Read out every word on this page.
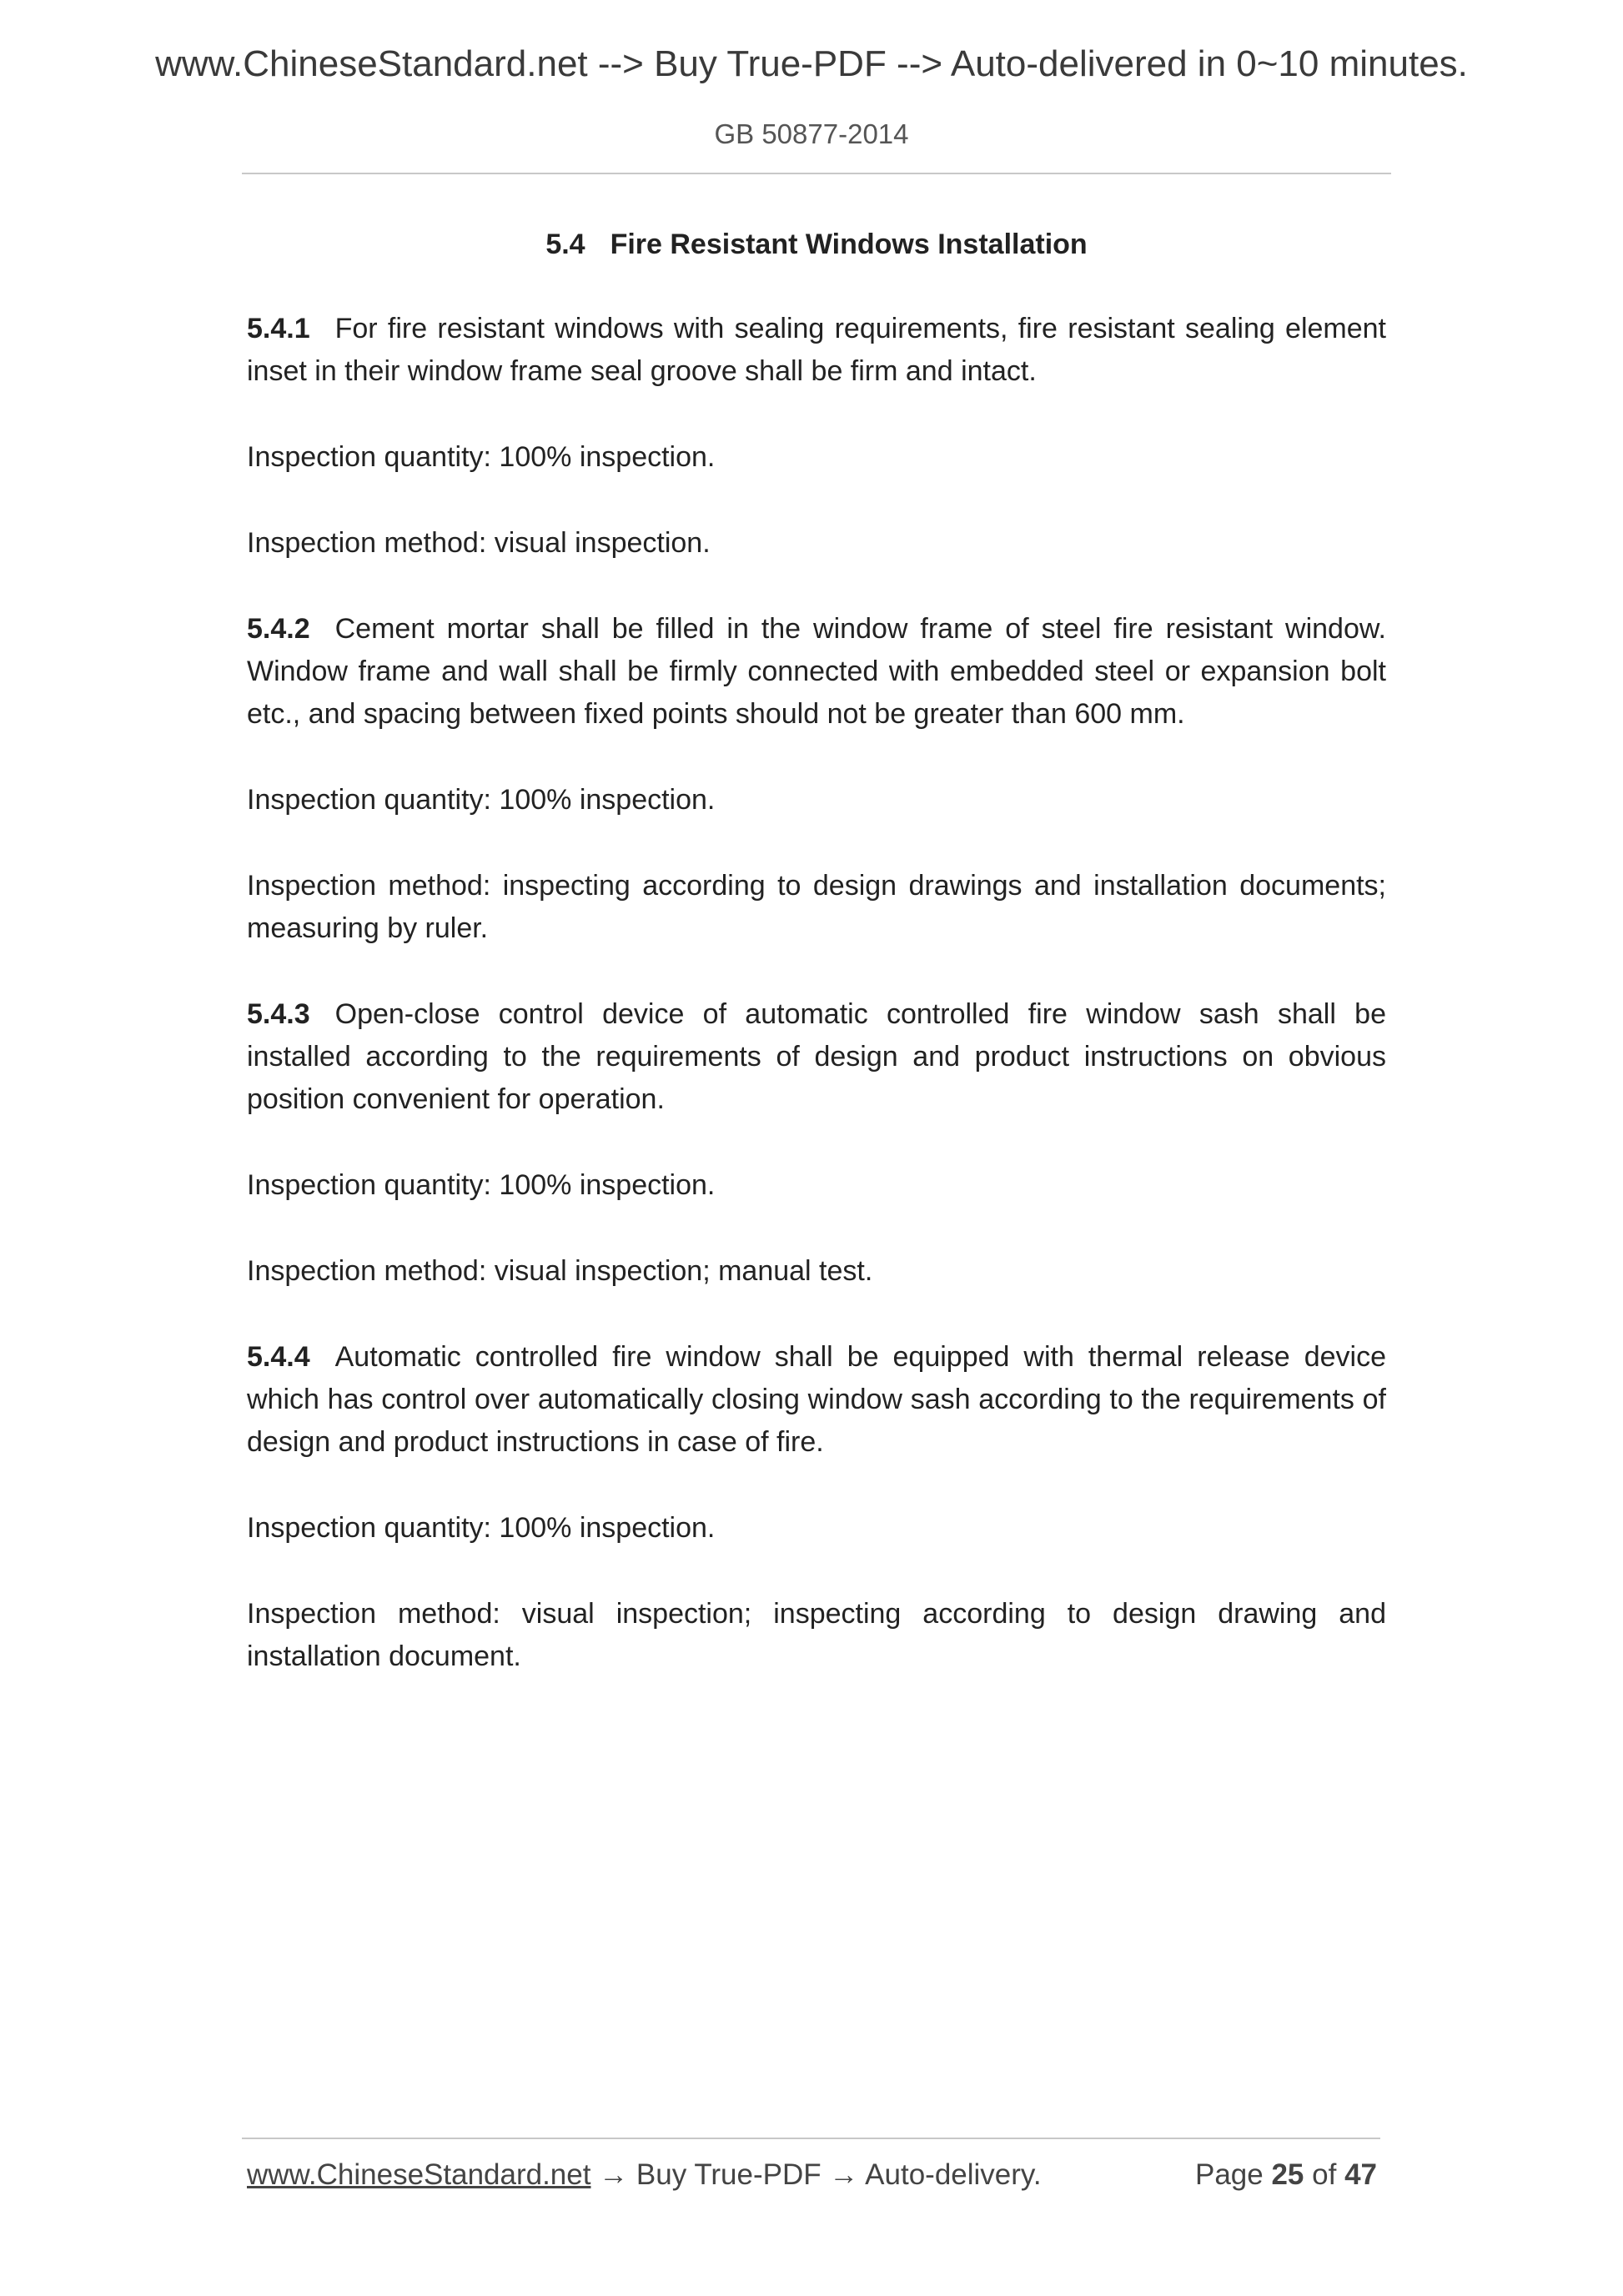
www.ChineseStandard.net --> Buy True-PDF --> Auto-delivered in 0~10 minutes.
GB 50877-2014
5.4 Fire Resistant Windows Installation

5.4.1 For fire resistant windows with sealing requirements, fire resistant sealing element inset in their window frame seal groove shall be firm and intact.

Inspection quantity: 100% inspection.

Inspection method: visual inspection.

5.4.2 Cement mortar shall be filled in the window frame of steel fire resistant window. Window frame and wall shall be firmly connected with embedded steel or expansion bolt etc., and spacing between fixed points should not be greater than 600 mm.

Inspection quantity: 100% inspection.

Inspection method: inspecting according to design drawings and installation documents; measuring by ruler.

5.4.3 Open-close control device of automatic controlled fire window sash shall be installed according to the requirements of design and product instructions on obvious position convenient for operation.

Inspection quantity: 100% inspection.

Inspection method: visual inspection; manual test.

5.4.4 Automatic controlled fire window shall be equipped with thermal release device which has control over automatically closing window sash according to the requirements of design and product instructions in case of fire.

Inspection quantity: 100% inspection.

Inspection method: visual inspection; inspecting according to design drawing and installation document.

www.ChineseStandard.net → Buy True-PDF → Auto-delivery.	Page 25 of 47
